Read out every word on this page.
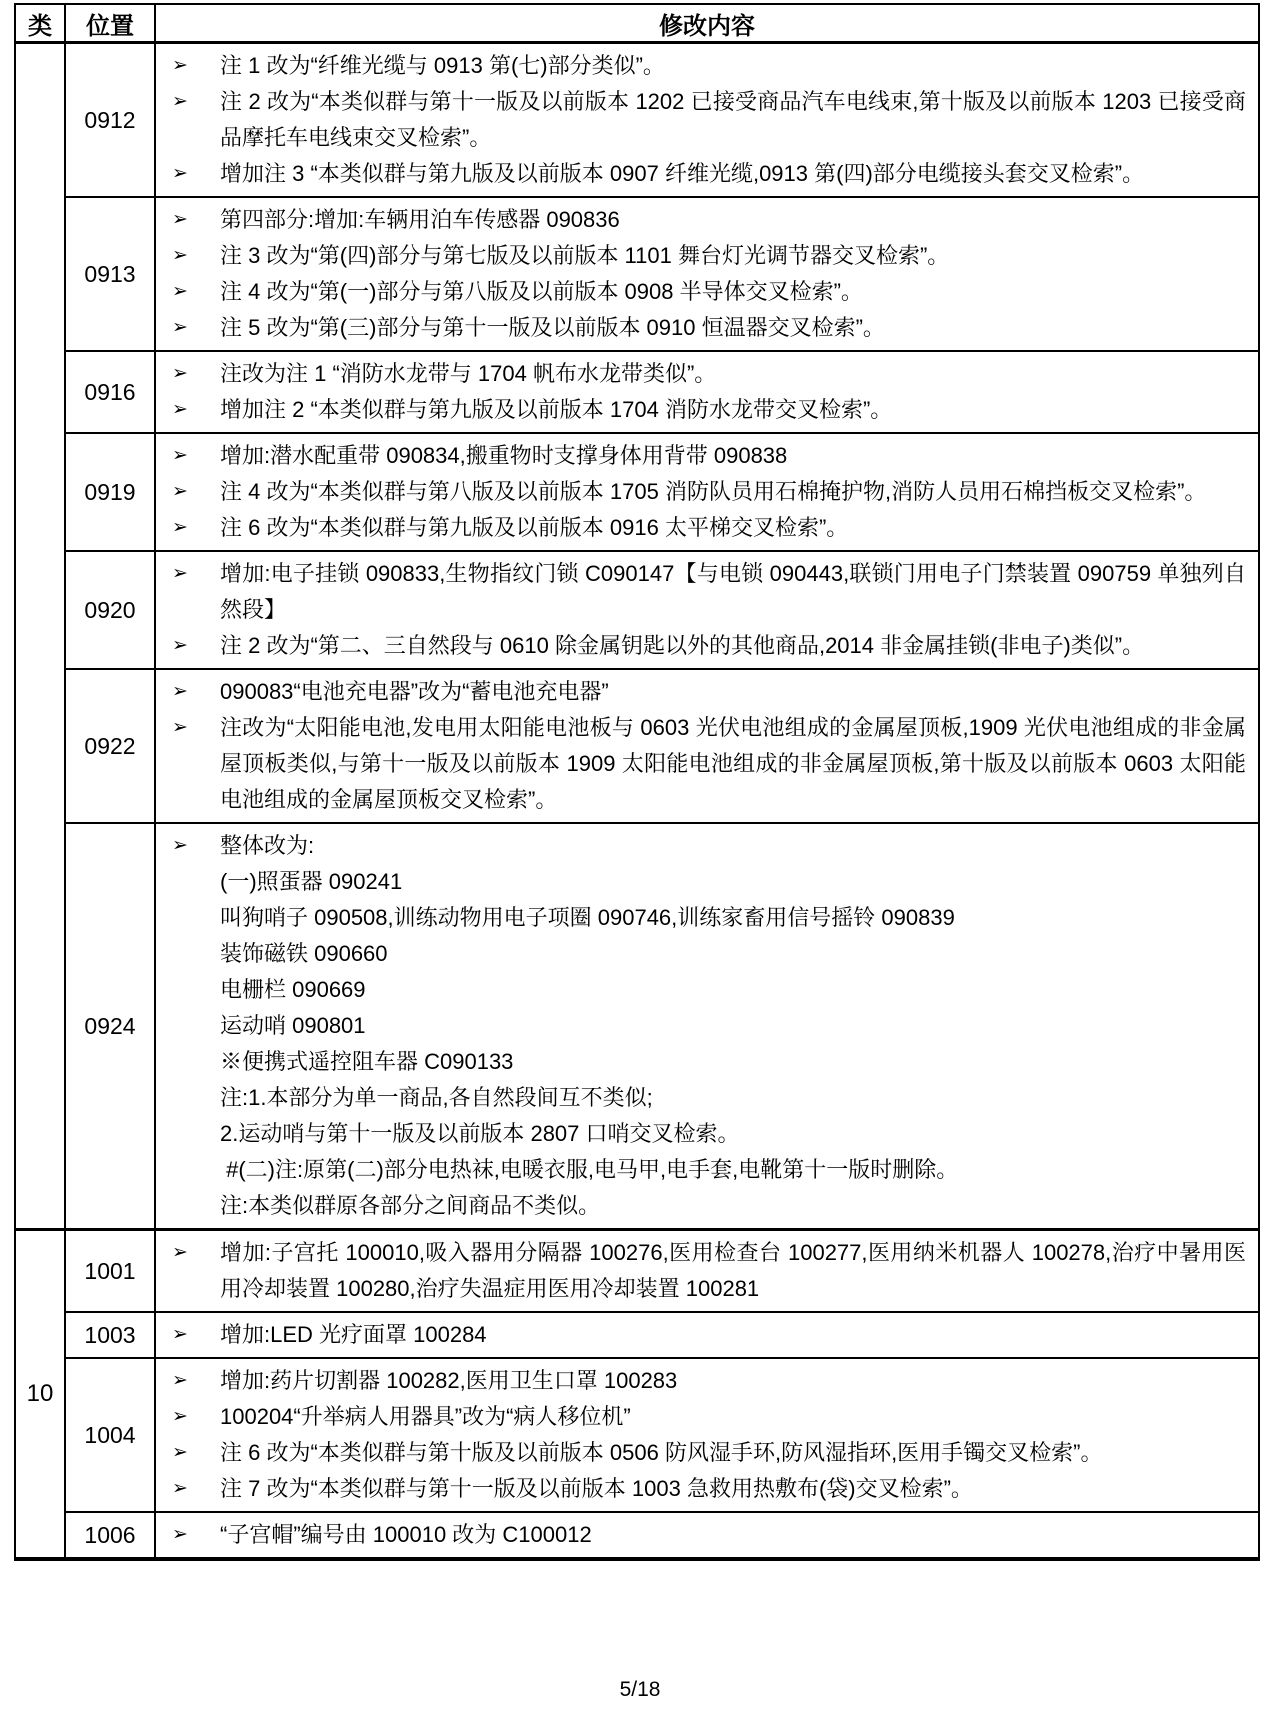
类	位置	修改内容
0912
➢	注 1 改为“纤维光缆与 0913 第(七)部分类似”。
➢	注 2 改为“本类似群与第十一版及以前版本 1202 已接受商品汽车电线束,第十版及以前版本 1203 已接受商品摩托车电线束交叉检索”。
➢	增加注 3 “本类似群与第九版及以前版本 0907 纤维光缆,0913 第(四)部分电缆接头套交叉检索”。
0913
➢	第四部分:增加:车辆用泊车传感器 090836
➢	注 3 改为“第(四)部分与第七版及以前版本 1101 舞台灯光调节器交叉检索”。
➢	注 4 改为“第(一)部分与第八版及以前版本 0908 半导体交叉检索”。
➢	注 5 改为“第(三)部分与第十一版及以前版本 0910 恒温器交叉检索”。
0916
➢	注改为注 1 “消防水龙带与 1704 帆布水龙带类似”。
➢	增加注 2 “本类似群与第九版及以前版本 1704 消防水龙带交叉检索”。
0919
➢	增加:潜水配重带 090834,搬重物时支撑身体用背带 090838
➢	注 4 改为“本类似群与第八版及以前版本 1705 消防队员用石棉掩护物,消防人员用石棉挡板交叉检索”。
➢	注 6 改为“本类似群与第九版及以前版本 0916 太平梯交叉检索”。
0920
➢	增加:电子挂锁 090833,生物指纹门锁 C090147【与电锁 090443,联锁门用电子门禁装置 090759 单独列自然段】
➢	注 2 改为“第二、三自然段与 0610 除金属钥匙以外的其他商品,2014 非金属挂锁(非电子)类似”。
0922
➢	090083“电池充电器”改为“蓄电池充电器”
➢	注改为“太阳能电池,发电用太阳能电池板与 0603 光伏电池组成的金属屋顶板,1909 光伏电池组成的非金属屋顶板类似,与第十一版及以前版本 1909 太阳能电池组成的非金属屋顶板,第十版及以前版本 0603 太阳能电池组成的金属屋顶板交叉检索”。
0924
➢	整体改为:
(一)照蛋器 090241
叫狗哨子 090508,训练动物用电子项圈 090746,训练家畜用信号摇铃 090839
装饰磁铁 090660
电栅栏 090669
运动哨 090801
※便携式遥控阻车器 C090133
注:1.本部分为单一商品,各自然段间互不类似;
2.运动哨与第十一版及以前版本 2807 口哨交叉检索。
#(二)注:原第(二)部分电热袜,电暖衣服,电马甲,电手套,电靴第十一版时删除。
注:本类似群原各部分之间商品不类似。
10
1001
➢	增加:子宫托 100010,吸入器用分隔器 100276,医用检查台 100277,医用纳米机器人 100278,治疗中暑用医用冷却装置 100280,治疗失温症用医用冷却装置 100281
1003	➢	增加:LED 光疗面罩 100284
1004
➢	增加:药片切割器 100282,医用卫生口罩 100283
➢	100204“升举病人用器具”改为“病人移位机”
➢	注 6 改为“本类似群与第十版及以前版本 0506 防风湿手环,防风湿指环,医用手镯交叉检索”。
➢	注 7 改为“本类似群与第十一版及以前版本 1003 急救用热敷布(袋)交叉检索”。
1006	➢	“子宫帽”编号由 100010 改为 C100012
5/18
